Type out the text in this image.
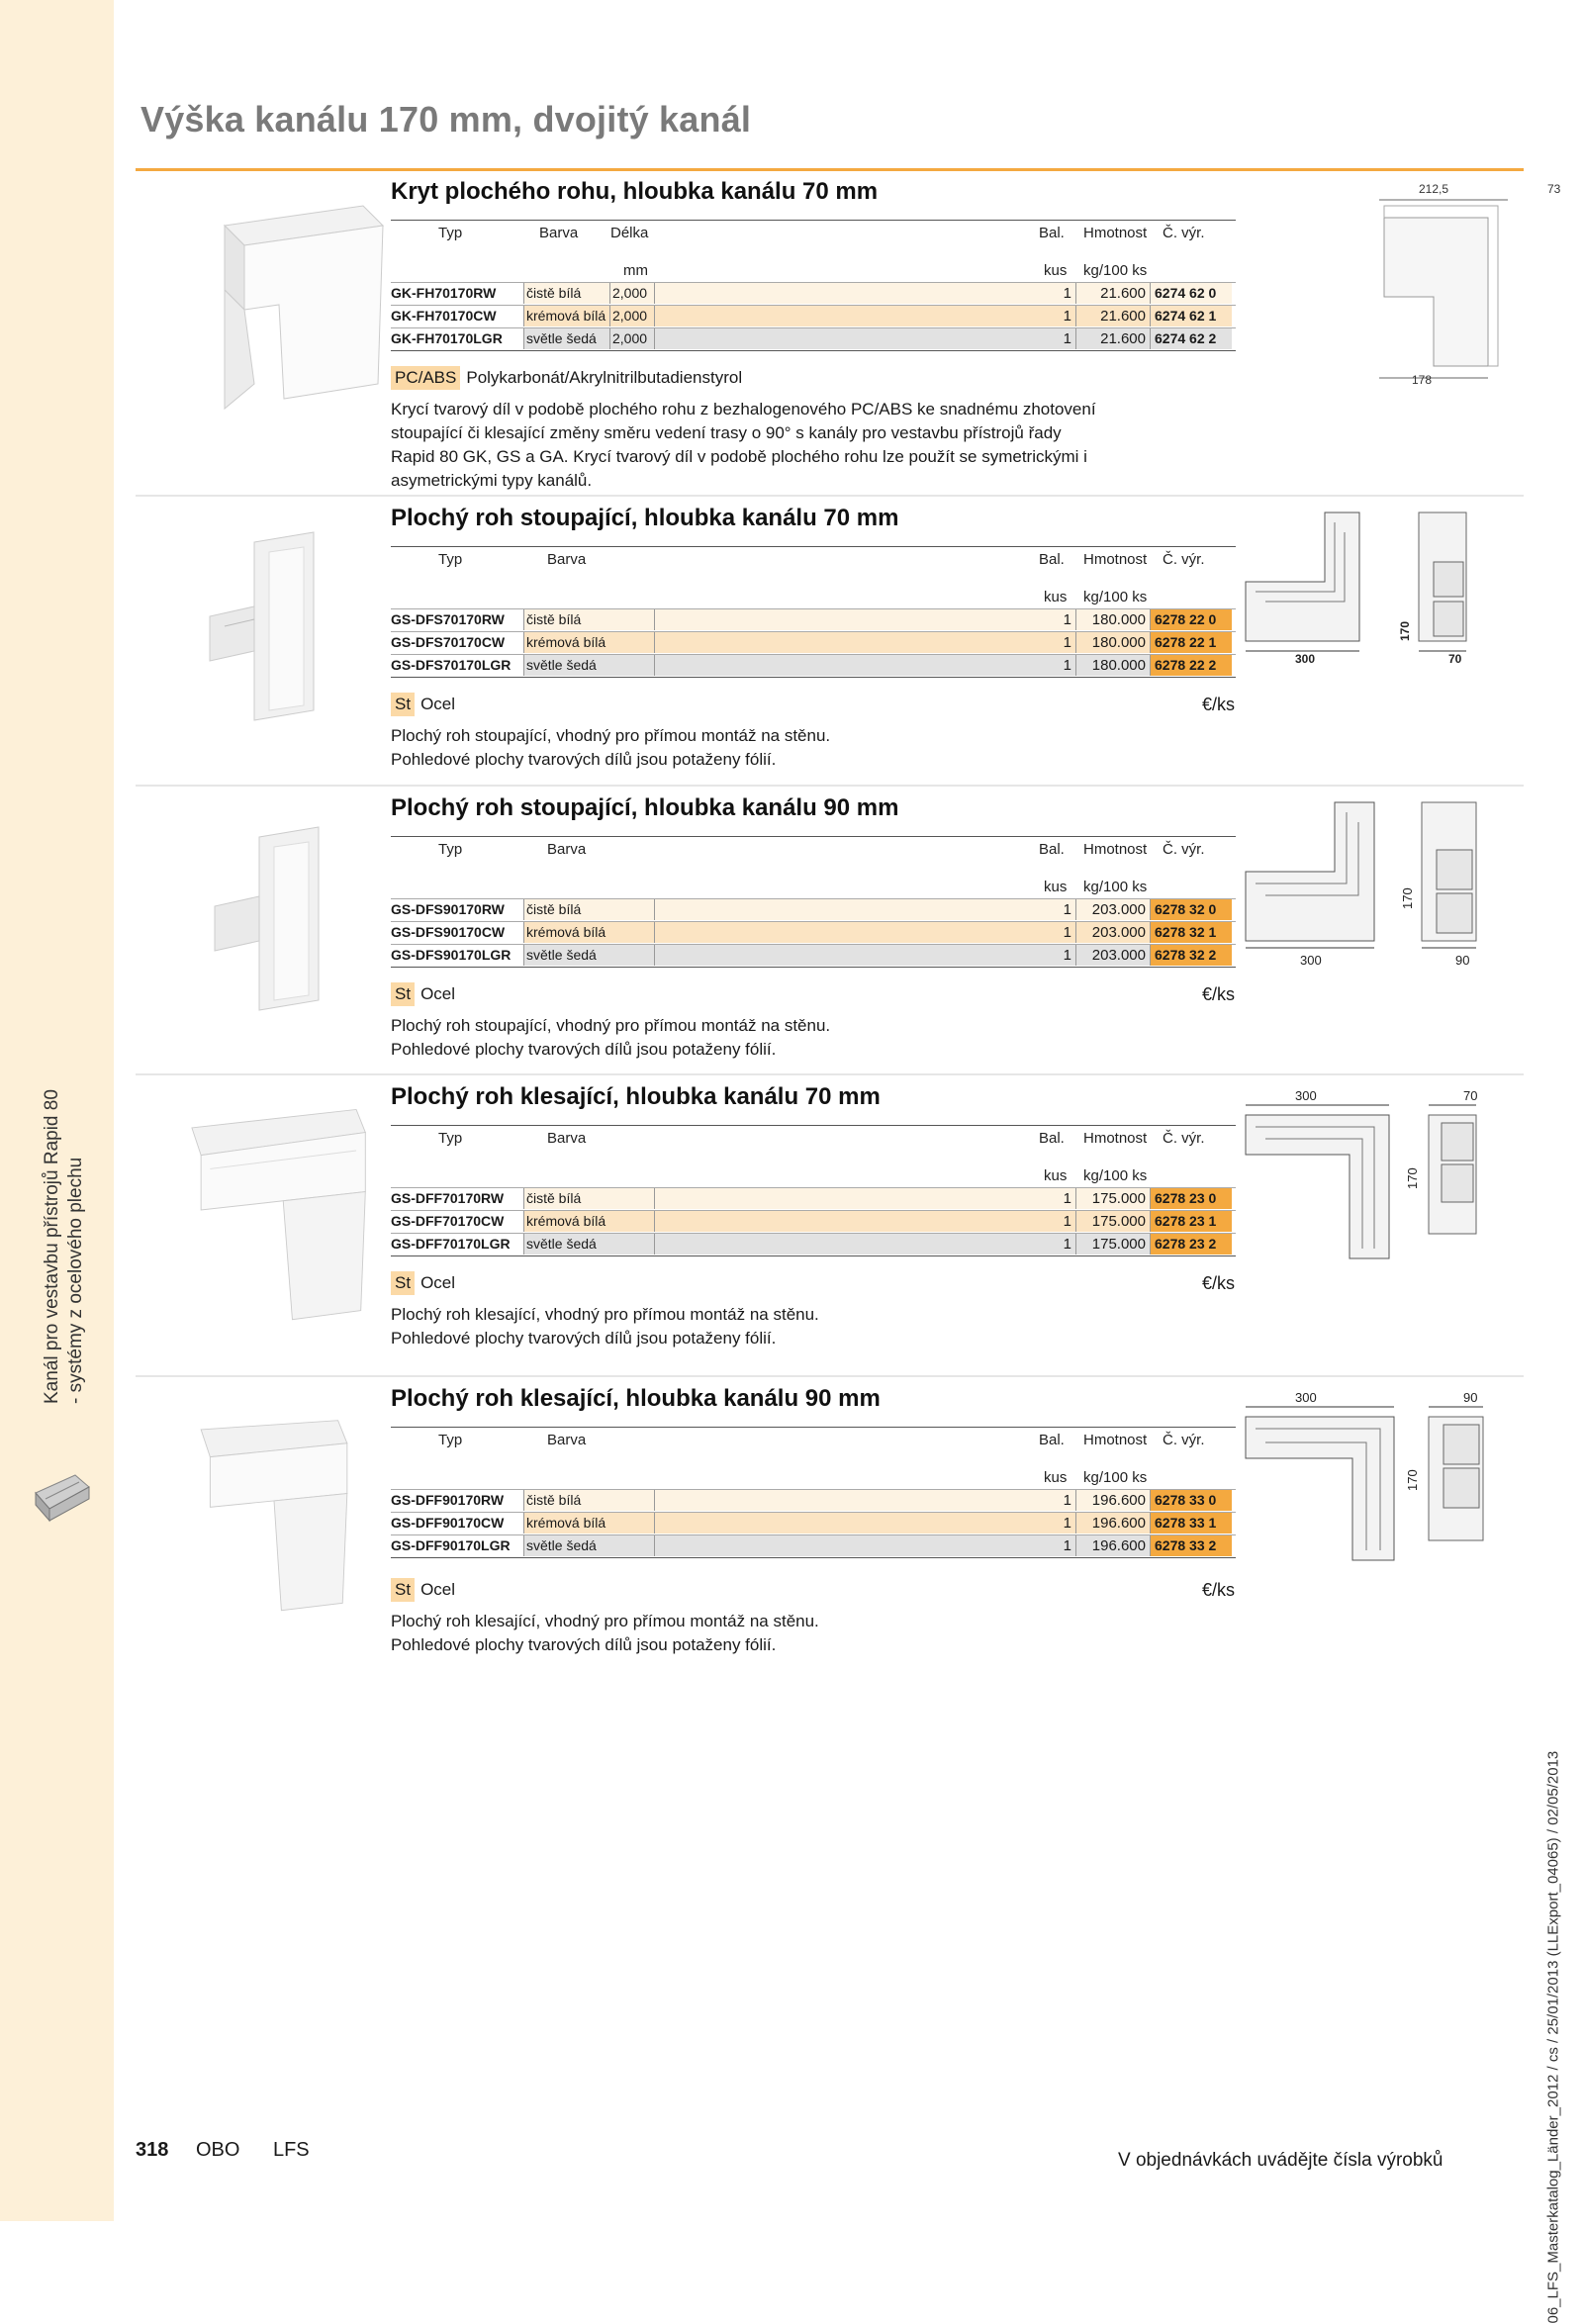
Kanál pro vestavbu přístrojů Rapid 80 - systémy z ocelového plechu
Výška kanálu 170 mm, dvojitý kanál
06_LFS_Masterkatalog_Länder_2012 / cs / 25/01/2013 (LLExport_04065) / 02/05/2013
Kryt plochého rohu, hloubka kanálu 70 mm
Typ	Barva Délka
mm
Bal. Hmotnost Č. výr.
kus kg/100 ks
GK-FH70170RW	čistě bílá	2,000	1	21.600 6274 62 0
GK-FH70170CW	krémová bílá 2,000	1	21.600 6274 62 1
GK-FH70170LGR	světle šedá	2,000	1	21.600 6274 62 2
PC/ABS Polykarbonát/Akrylnitrilbutadienstyrol
Krycí tvarový díl v podobě plochého rohu z bezhalogenového PC/ABS ke snadnému zhotovení
stoupající či klesající změny směru vedení trasy o 90° s kanály pro vestavbu přístrojů řady
Rapid 80 GK, GS a GA. Krycí tvarový díl v podobě plochého rohu lze použít se symetrickými i
asymetrickými typy kanálů.
212,5	73
178
Plochý roh stoupající, hloubka kanálu 70 mm
Typ	Barva	Bal. Hmotnost Č. výr.
kus kg/100 ks
GS-DFS70170RW	čistě bílá	1	180.000 6278 22 0
GS-DFS70170CW	krémová bílá	1	180.000 6278 22 1
GS-DFS70170LGR	světle šedá	1	180.000 6278 22 2
St Ocel	€/ks
Plochý roh stoupající, vhodný pro přímou montáž na stěnu.
Pohledové plochy tvarových dílů jsou potaženy fólií.
300	70
170
Plochý roh stoupající, hloubka kanálu 90 mm
Typ	Barva	Bal. Hmotnost Č. výr.
kus kg/100 ks
GS-DFS90170RW	čistě bílá	1	203.000 6278 32 0
GS-DFS90170CW	krémová bílá	1	203.000 6278 32 1
GS-DFS90170LGR	světle šedá	1	203.000 6278 32 2
St Ocel	€/ks
Plochý roh stoupající, vhodný pro přímou montáž na stěnu.
Pohledové plochy tvarových dílů jsou potaženy fólií.
300	90
170
Plochý roh klesající, hloubka kanálu 70 mm
Typ	Barva	Bal. Hmotnost Č. výr.
kus kg/100 ks
GS-DFF70170RW	čistě bílá	1	175.000 6278 23 0
GS-DFF70170CW	krémová bílá	1	175.000 6278 23 1
GS-DFF70170LGR	světle šedá	1	175.000 6278 23 2
St Ocel	€/ks
Plochý roh klesající, vhodný pro přímou montáž na stěnu.
Pohledové plochy tvarových dílů jsou potaženy fólií.
300	70
170
Plochý roh klesající, hloubka kanálu 90 mm
Typ	Barva	Bal. Hmotnost Č. výr.
kus kg/100 ks
GS-DFF90170RW	čistě bílá	1	196.600 6278 33 0
GS-DFF90170CW	krémová bílá	1	196.600 6278 33 1
GS-DFF90170LGR	světle šedá	1	196.600 6278 33 2
St Ocel	€/ks
Plochý roh klesající, vhodný pro přímou montáž na stěnu.
Pohledové plochy tvarových dílů jsou potaženy fólií.
300	90
170
318 OBO LFS	V objednávkách uvádějte čísla výrobků
